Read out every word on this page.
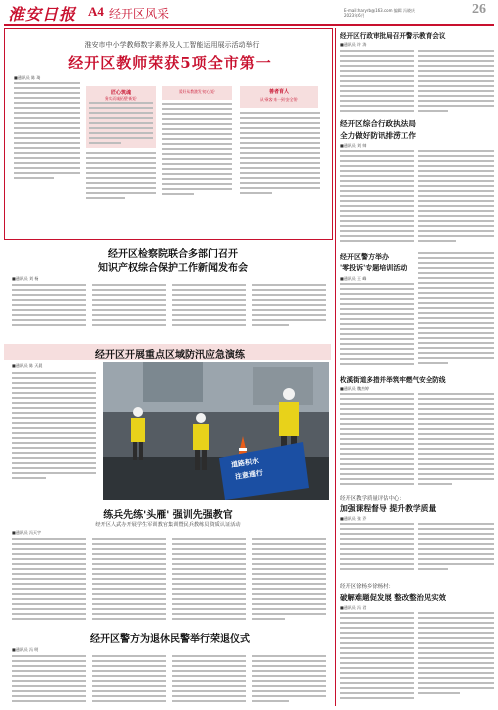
淮安日报 A4 经开区风采	E-mail:haryrb@163.com 编辑 冯晓庆
2023年6月	26
淮安市中小学教师数字素养及人工智能运用展示活动举行
经开区教师荣获5项全市第一
■通讯员 陈 琦
匠心筑魂
务实而诚拓塑'新矩'
爱好从教激发'初心矩'	善者育人
从'乘客'来一到'安全领'
经开区检察院联合多部门召开
知识产权综合保护工作新闻发布会
■通讯员 刘 杨
经开区开展重点区域防汛应急演练
■通讯员 陈 天晨
道路积水
注意通行
练兵先练'头雁' 强训先强教官
经开区人武办开展学生军训教官集训暨民兵教练员资质认证活动
■通讯员 冯天宇
经开区警方为退休民警举行荣退仪式
■通讯员 冯 明
经开区行政审批局召开警示教育会议
■通讯员 许 涛
经开区综合行政执法局
全力做好防讯排涝工作
■通讯员 刘 帅
经开区警方举办
'零投诉'专题培训活动
■通讯员 王 峰
枚溪街道多措并举筑牢燃气安全防线
■通讯员 魏杰婷
经开区教学质量评估中心：
加强课程督导 提升教学质量
■通讯员 张 乔
经开区徐杨乡徐杨村：
破解难题促发展 整改整治见实效
■通讯员 冯 君
